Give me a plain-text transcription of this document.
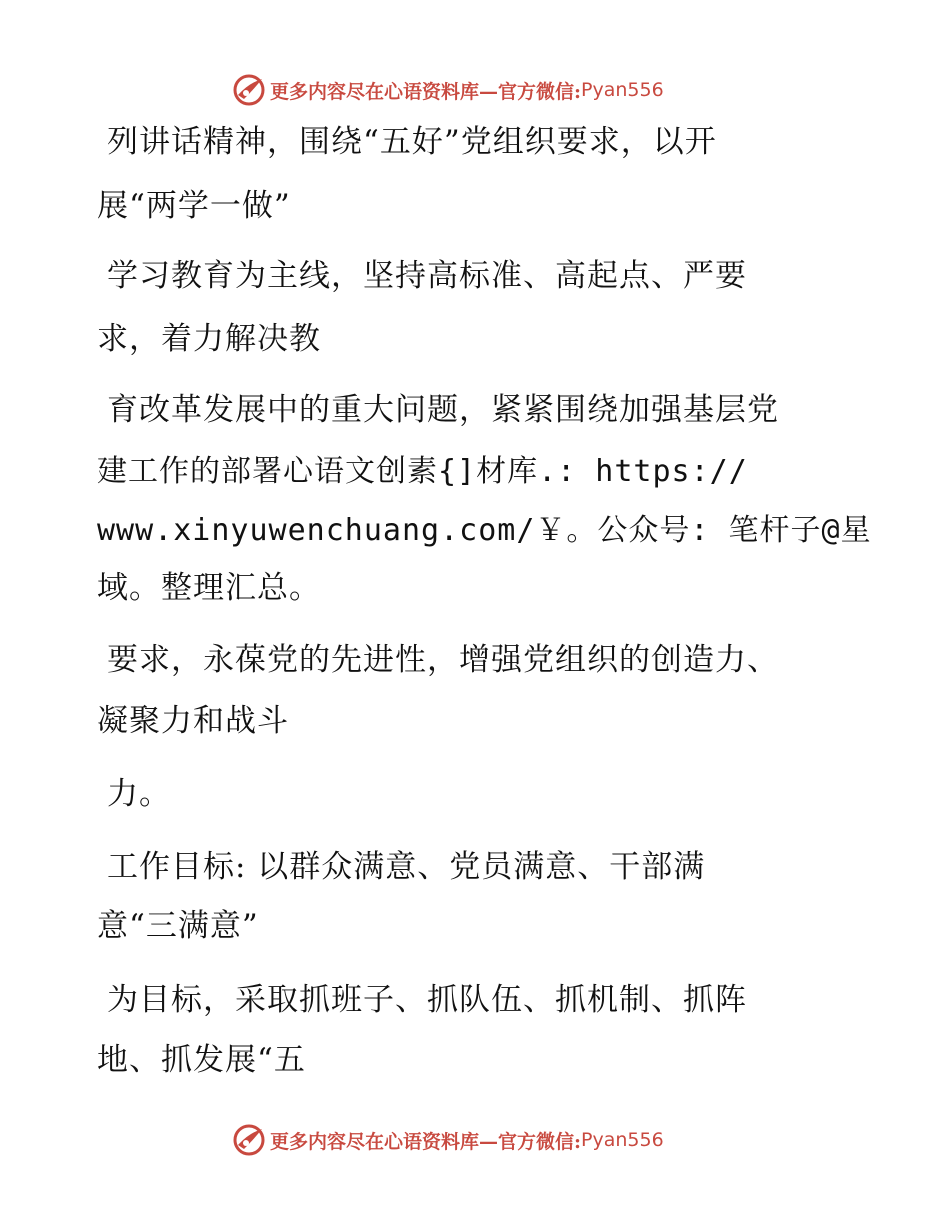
更多内容尽在心语资料库—官方微信: Pyan556
列讲话精神，围绕“五好”党组织要求，以开
展“两学一做”
学习教育为主线，坚持高标准、高起点、严要
求，着力解决教
育改革发展中的重大问题，紧紧围绕加强基层党
建工作的部署心语文创素{]材库.: https://
www.xinyuwenchuang.com/￥。公众号: 笔杆子@星
域。整理汇总。
要求，永葆党的先进性，增强党组织的创造力、
凝聚力和战斗
力。
工作目标: 以群众满意、党员满意、干部满
意“三满意”
为目标，采取抓班子、抓队伍、抓机制、抓阵
地、抓发展“五
更多内容尽在心语资料库—官方微信: Pyan556
